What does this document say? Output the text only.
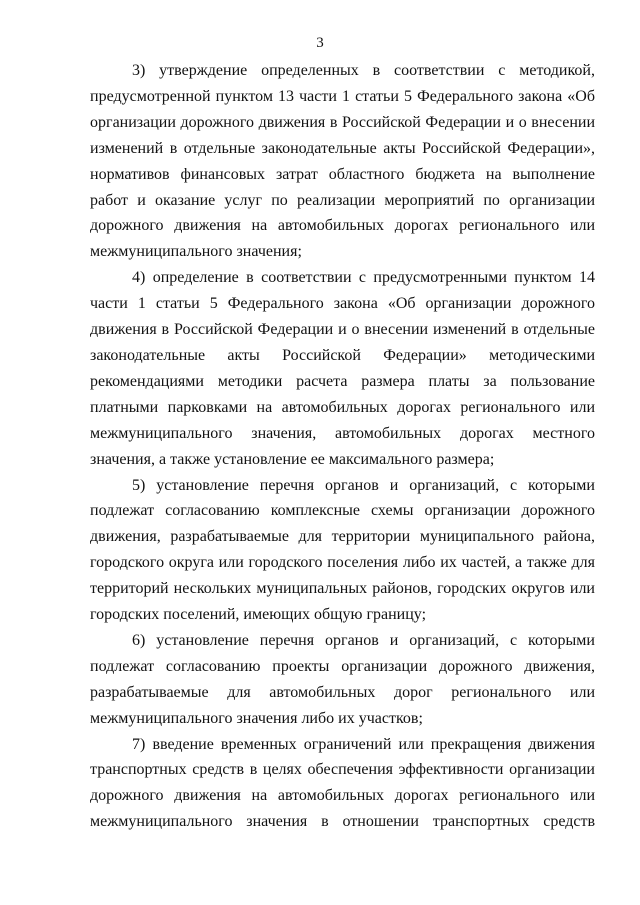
3

3) утверждение определенных в соответствии с методикой, предусмотренной пунктом 13 части 1 статьи 5 Федерального закона «Об организации дорожного движения в Российской Федерации и о внесении изменений в отдельные законодательные акты Российской Федерации», нормативов финансовых затрат областного бюджета на выполнение работ и оказание услуг по реализации мероприятий по организации дорожного движения на автомобильных дорогах регионального или межмуниципального значения;

4) определение в соответствии с предусмотренными пунктом 14 части 1 статьи 5 Федерального закона «Об организации дорожного движения в Российской Федерации и о внесении изменений в отдельные законодательные акты Российской Федерации» методическими рекомендациями методики расчета размера платы за пользование платными парковками на автомобильных дорогах регионального или межмуниципального значения, автомобильных дорогах местного значения, а также установление ее максимального размера;

5) установление перечня органов и организаций, с которыми подлежат согласованию комплексные схемы организации дорожного движения, разрабатываемые для территории муниципального района, городского округа или городского поселения либо их частей, а также для территорий нескольких муниципальных районов, городских округов или городских поселений, имеющих общую границу;

6) установление перечня органов и организаций, с которыми подлежат согласованию проекты организации дорожного движения, разрабатываемые для автомобильных дорог регионального или межмуниципального значения либо их участков;

7) введение временных ограничений или прекращения движения транспортных средств в целях обеспечения эффективности организации дорожного движения на автомобильных дорогах регионального или межмуниципального значения в отношении транспортных средств
